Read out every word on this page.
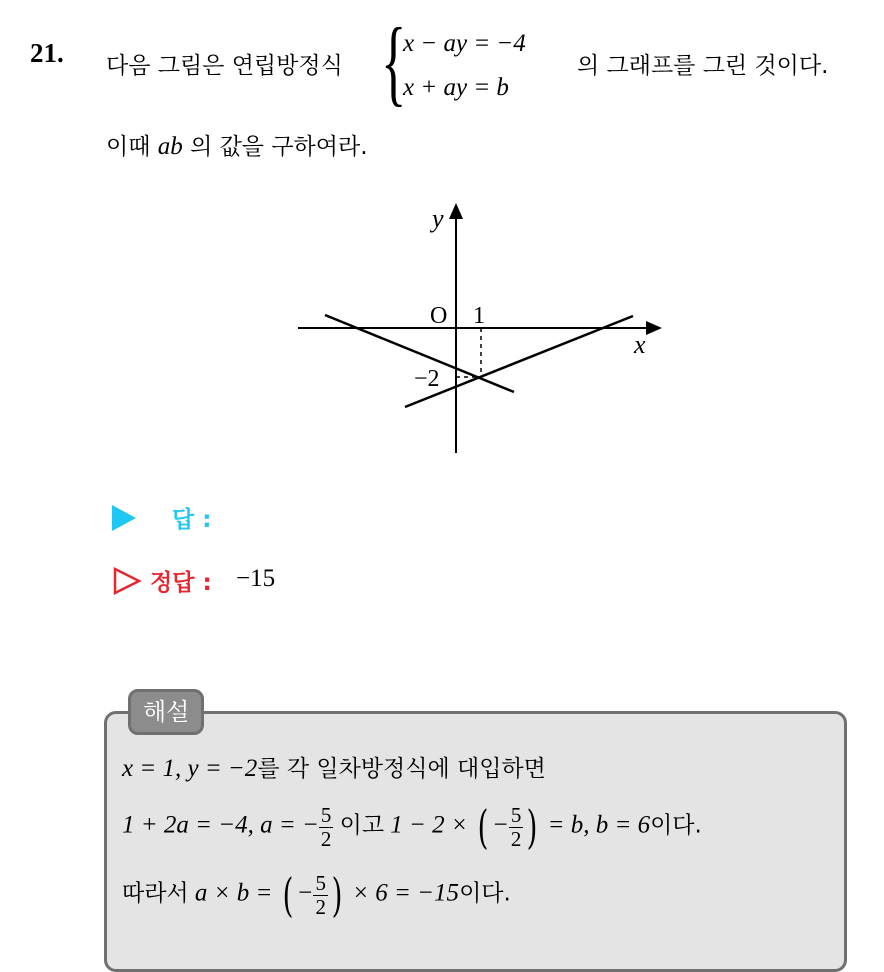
21. 다음 그림은 연립방정식 {
x − ay = −4
x + ay = b
의 그래프를 그린 것이다.
이때 ab 의 값을 구하여라.
y
x
O 1
−2
답 :
정답 : −15
해설
x = 1, y = −2를 각 일차방정식에 대입하면
1 + 2a = −4, a = − $\frac{5}{2}$ 이고 1 − 2 × ( − $\frac{5}{2}$ ) = b, b = 6이다.
따라서 a × b = ( − $\frac{5}{2}$ ) × 6 = −15이다.
